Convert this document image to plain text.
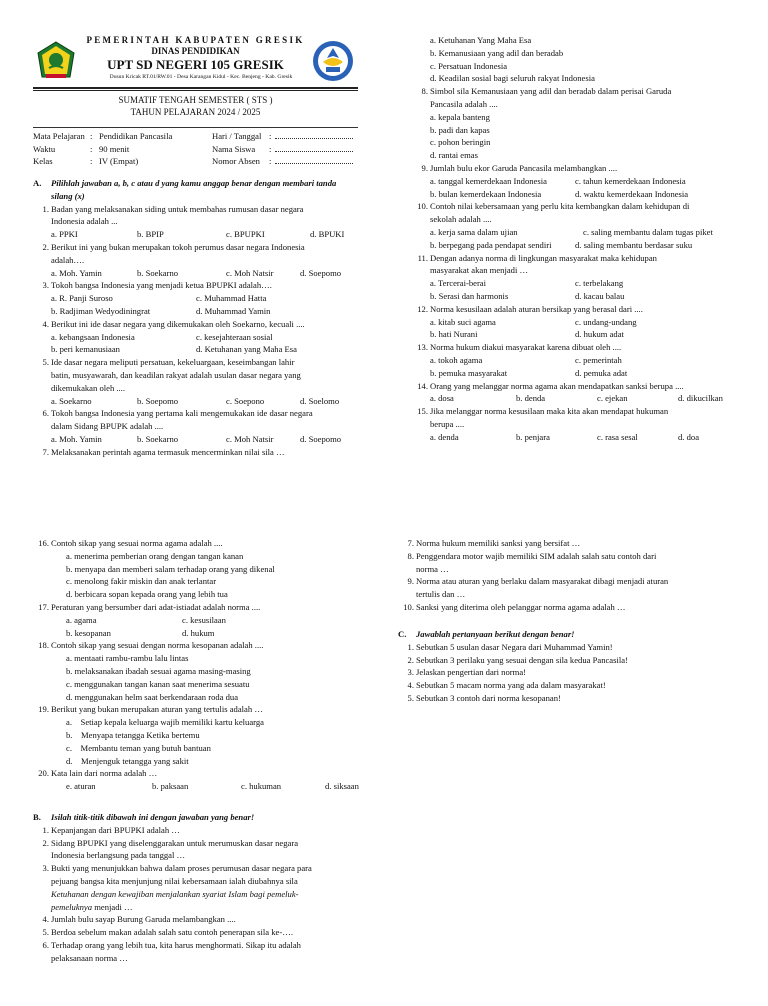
PEMERINTAH KABUPATEN GRESIK
DINAS PENDIDIKAN
UPT SD NEGERI 105 GRESIK
Dusun Kricak RT.01/RW.01 - Desa Karangan Kidul - Kec. Benjeng - Kab. Gresik
SUMATIF TENGAH SEMESTER ( STS )
TAHUN PELAJARAN 2024 / 2025
Mata Pelajaran : Pendidikan Pancasila	Hari / Tanggal :
Waktu	: 90 menit	Nama Siswa	:
Kelas	: IV (Empat)	Nomor Absen	:
A. Pilihlah jawaban a, b, c atau d yang kamu anggap benar dengan membari tanda
silang (x)
1. Badan yang melaksanakan siding untuk membahas rumusan dasar negara
Indonesia adalah ...
a. PPKI	b. BPIP	c. BPUPKI	d. BPUKI
2. Berikut ini yang bukan merupakan tokoh perumus dasar negara Indonesia
adalah….
a. Moh. Yamin	b. Soekarno	c. Moh Natsir	d. Soepomo
3. Tokoh bangsa Indonesia yang menjadi ketua BPUPKI adalah….
a. R. Panji Suroso	c. Muhammad Hatta
b. Radjiman Wedyodiningrat	d. Muhammad Yamin
4. Berikut ini ide dasar negara yang dikemukakan oleh Soekarno, kecuali ....
a. kebangsaan Indonesia	c. kesejahteraan sosial
b. peri kemanusiaan	d. Ketuhanan yang Maha Esa
5. Ide dasar negara meliputi persatuan, kekeluargaan, keseimbangan lahir
batin, musyawarah, dan keadilan rakyat adalah usulan dasar negara yang
dikemukakan oleh ....
a. Soekarno	b. Soepomo	c. Soepono	d. Soelomo
6. Tokoh bangsa Indonesia yang pertama kali mengemukakan ide dasar negara
dalam Sidang BPUPK adalah ....
a. Moh. Yamin	b. Soekarno	c. Moh Natsir	d. Soepomo
7. Melaksanakan perintah agama termasuk mencerminkan nilai sila …
a. Ketuhanan Yang Maha Esa
b. Kemanusiaan yang adil dan beradab
c. Persatuan Indonesia
d. Keadilan sosial bagi seluruh rakyat Indonesia
8. Simbol sila Kemanusiaan yang adil dan beradab dalam perisai Garuda
Pancasila adalah ....
a. kepala banteng
b. padi dan kapas
c. pohon beringin
d. rantai emas
9. Jumlah bulu ekor Garuda Pancasila melambangkan ....
a. tanggal kemerdekaan Indonesia	c. tahun kemerdekaan Indonesia
b. bulan kemerdekaan Indonesia	d. waktu kemerdekaan Indonesia
10. Contoh nilai kebersamaan yang perlu kita kembangkan dalam kehidupan di
sekolah adalah ....
a. kerja sama dalam ujian	c. saling membantu dalam tugas piket
b. berpegang pada pendapat sendiri	d. saling membantu berdasar suku
11. Dengan adanya norma di lingkungan masyarakat maka kehidupan
masyarakat akan menjadi …
a. Tercerai-berai	c. terbelakang
b. Serasi dan harmonis	d. kacau balau
12. Norma kesusilaan adalah aturan bersikap yang berasal dari ....
a. kitab suci agama	c. undang-undang
b. hati Nurani	d. hukum adat
13. Norma hukum diakui masyarakat karena dibuat oleh ....
a. tokoh agama	c. pemerintah
b. pemuka masyarakat	d. pemuka adat
14. Orang yang melanggar norma agama akan mendapatkan sanksi berupa ....
a. dosa	b. denda	c. ejekan	d. dikucilkan
15. Jika melanggar norma kesusilaan maka kita akan mendapat hukuman
berupa ....
a. denda	b. penjara	c. rasa sesal	d. doa
16. Contoh sikap yang sesuai norma agama adalah ....
a. menerima pemberian orang dengan tangan kanan
b. menyapa dan memberi salam terhadap orang yang dikenal
c. menolong fakir miskin dan anak terlantar
d. berbicara sopan kepada orang yang lebih tua
17. Peraturan yang bersumber dari adat-istiadat adalah norma ....
a. agama	c. kesusilaan
b. kesopanan	d. hukum
18. Contoh sikap yang sesuai dengan norma kesopanan adalah ....
a. mentaati rambu-rambu lalu lintas
b. melaksanakan ibadah sesuai agama masing-masing
c. menggunakan tangan kanan saat menerima sesuatu
d. menggunakan helm saat berkendaraan roda dua
19. Berikut yang bukan merupakan aturan yang tertulis adalah …
a.    Setiap kepala keluarga wajib memiliki kartu keluarga
b.    Menyapa tetangga Ketika bertemu
c.    Membantu teman yang butuh bantuan
d.    Menjenguk tetangga yang sakit
20. Kata lain dari norma adalah …
e. aturan	b. paksaan	c. hukuman	d. siksaan
B. Isilah titik-titik dibawah ini dengan jawaban yang benar!
1. Kepanjangan dari BPUPKI adalah …
2. Sidang BPUPKI yang diselenggarakan untuk merumuskan dasar negara
Indonesia berlangsung pada tanggal …
3. Bukti yang menunjukkan bahwa dalam proses perumusan dasar negara para
pejuang bangsa kita menjunjung nilai kebersamaan ialah diubahnya sila
Ketuhanan dengan kewajiban menjalankan syariat Islam bagi pemeluk-
pemeluknya menjadi …
4. Jumlah bulu sayap Burung Garuda melambangkan ....
5. Berdoa sebelum makan adalah salah satu contoh penerapan sila ke-….
6. Terhadap orang yang lebih tua, kita harus menghormati. Sikap itu adalah
pelaksanaan norma …
7. Norma hukum memiliki sanksi yang bersifat …
8. Penggendara motor wajib memiliki SIM adalah salah satu contoh dari
norma …
9. Norma atau aturan yang berlaku dalam masyarakat dibagi menjadi aturan
tertulis dan …
10. Sanksi yang diterima oleh pelanggar norma agama adalah …
C. Jawablah pertanyaan berikut dengan benar!
1. Sebutkan 5 usulan dasar Negara dari Muhammad Yamin!
2. Sebutkan 3 perilaku yang sesuai dengan sila kedua Pancasila!
3. Jelaskan pengertian dari norma!
4. Sebutkan 5 macam norma yang ada dalam masyarakat!
5. Sebutkan 3 contoh dari norma kesopanan!
